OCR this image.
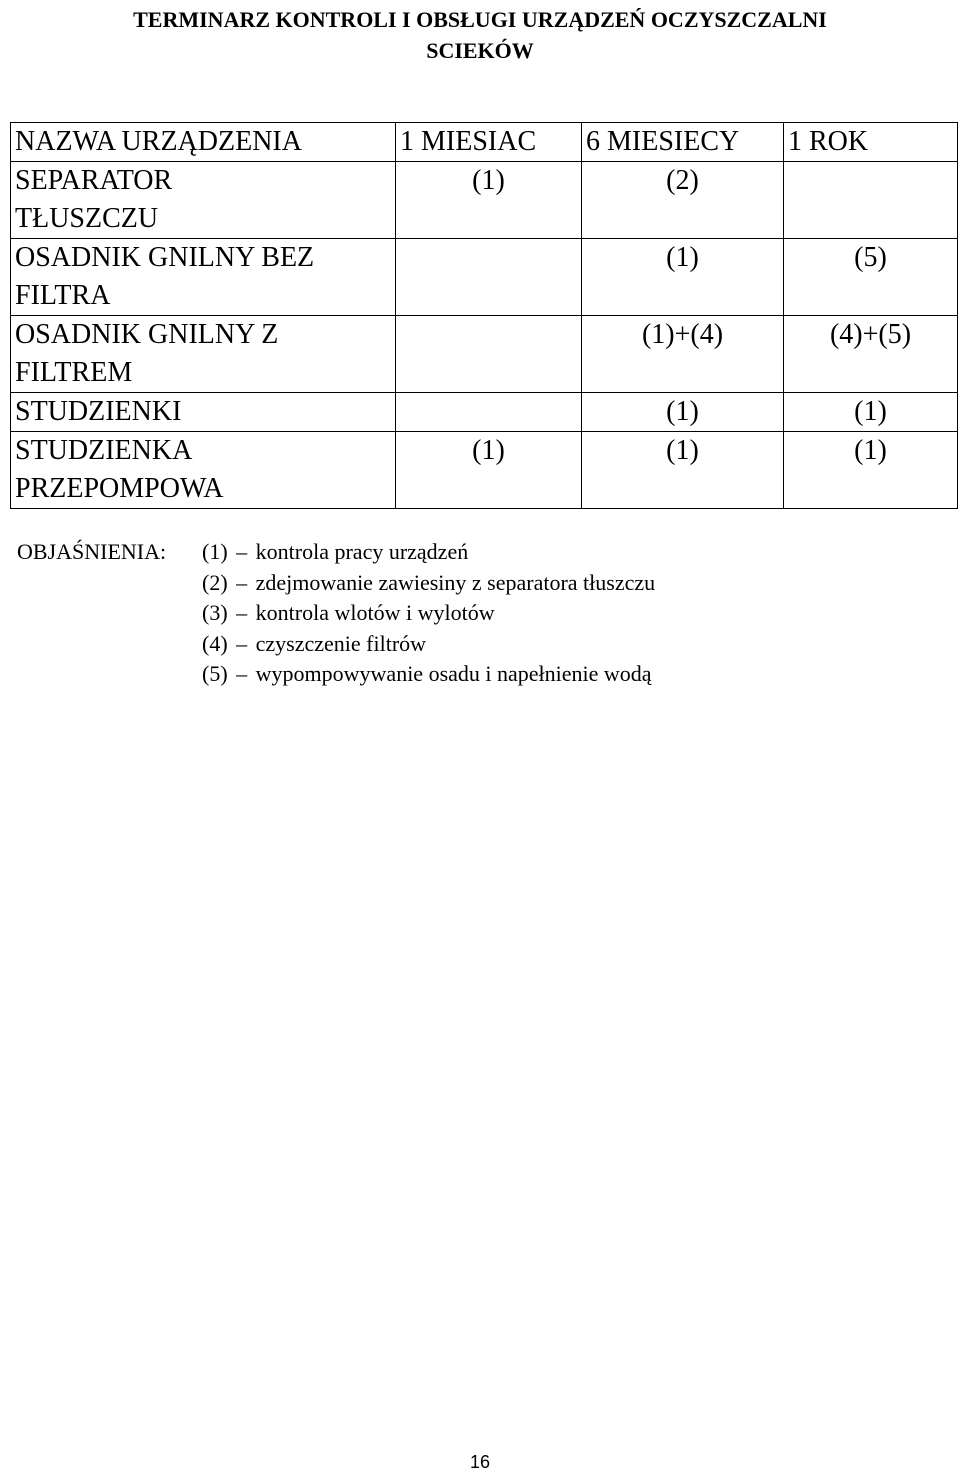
TERMINARZ KONTROLI I OBSŁUGI URZĄDZEŃ OCZYSZCZALNI
SCIEKÓW
NAZWA URZĄDZENIA	1 MIESIAC	6 MIESIECY	1 ROK

SEPARATOR
TŁUSZCZU	(1)	(2)	

OSADNIK GNILNY BEZ
FILTRA		(1)	(5)

OSADNIK GNILNY Z
FILTREM		(1)+(4)	(4)+(5)

STUDZIENKI		(1)	(1)

STUDZIENKA
PRZEPOMPOWA	(1)	(1)	(1)
OBJAŚNIENIA:	(1) – kontrola pracy urządzeń
(2) – zdejmowanie zawiesiny z separatora tłuszczu
(3) – kontrola wlotów i wylotów
(4) – czyszczenie filtrów
(5) – wypompowywanie osadu i napełnienie wodą
16
